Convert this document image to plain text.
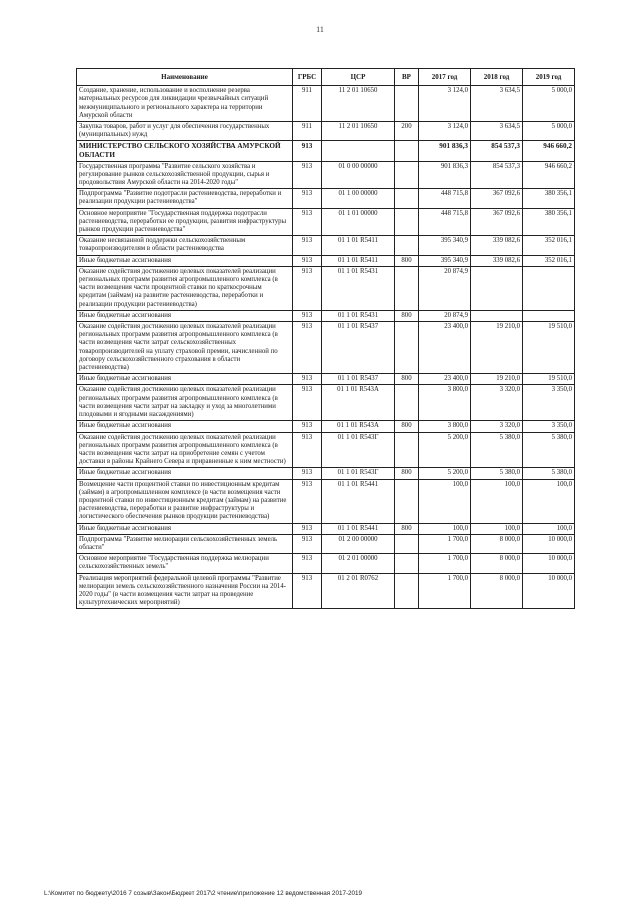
11
Наименование	ГРБС	ЦСР	ВР	2017 год	2018 год	2019 год
Создание, хранение, использование и восполнение резерва материальных ресурсов для ликвидации чрезвычайных ситуаций межмуниципального и регионального характера на территории Амурской области	911	11 2 01 10650		3 124,0	3 634,5	5 000,0
Закупка товаров, работ и услуг для обеспечения государственных (муниципальных) нужд	911	11 2 01 10650	200	3 124,0	3 634,5	5 000,0
МИНИСТЕРСТВО СЕЛЬСКОГО ХОЗЯЙСТВА АМУРСКОЙ ОБЛАСТИ	913			901 836,3	854 537,3	946 660,2
Государственная программа "Развитие сельского хозяйства и регулирование рынков сельскохозяйственной продукции, сырья и продовольствия Амурской области на 2014-2020 годы"	913	01 0 00 00000		901 836,3	854 537,3	946 660,2
Подпрограмма "Развитие подотрасли растениеводства, переработки и реализации продукции растениеводства"	913	01 1 00 00000		448 715,8	367 092,6	380 356,1
Основное мероприятие "Государственная поддержка подотрасли растениеводства, переработки ее продукции, развития инфраструктуры рынков продукции растениеводства"	913	01 1 01 00000		448 715,8	367 092,6	380 356,1
Оказание несвязанной поддержки сельскохозяйственным товаропроизводителям в области растениеводства	913	01 1 01 R5411		395 340,9	339 082,6	352 016,1
Иные бюджетные ассигнования	913	01 1 01 R5411	800	395 340,9	339 082,6	352 016,1
Оказание содействия достижению целевых показателей реализации региональных программ развития агропромышленного комплекса (в части возмещения части процентной ставки по краткосрочным кредитам (займам) на развитие растениеводства, переработки и реализации продукции растениеводства)	913	01 1 01 R5431		20 874,9		
Иные бюджетные ассигнования	913	01 1 01 R5431	800	20 874,9		
Оказание содействия достижению целевых показателей реализации региональных программ развития агропромышленного комплекса (в части возмещения части затрат сельскохозяйственных товаропроизводителей на уплату страховой премии, начисленной по договору сельскохозяйственного страхования в области растениеводства)	913	01 1 01 R5437		23 400,0	19 210,0	19 510,0
Иные бюджетные ассигнования	913	01 1 01 R5437	800	23 400,0	19 210,0	19 510,0
Оказание содействия достижению целевых показателей реализации региональных программ развития агропромышленного комплекса (в части возмещения части затрат на закладку и уход за многолетними плодовыми и ягодными насаждениями)	913	01 1 01 R543A		3 800,0	3 320,0	3 350,0
Иные бюджетные ассигнования	913	01 1 01 R543A	800	3 800,0	3 320,0	3 350,0
Оказание содействия достижению целевых показателей реализации региональных программ развития агропромышленного комплекса (в части возмещения части затрат на приобретение семян с учетом доставки в районы Крайнего Севера и приравненные к ним местности)	913	01 1 01 R543Г		5 200,0	5 380,0	5 380,0
Иные бюджетные ассигнования	913	01 1 01 R543Г	800	5 200,0	5 380,0	5 380,0
Возмещение части процентной ставки по инвестиционным кредитам (займам) в агропромышленном комплексе (в части возмещения части процентной ставки по инвестиционным кредитам (займам) на развитие растениеводства, переработки и развитие инфраструктуры и логистического обеспечения рынков продукции растениеводства)	913	01 1 01 R5441		100,0	100,0	100,0
Иные бюджетные ассигнования	913	01 1 01 R5441	800	100,0	100,0	100,0
Подпрограмма "Развитие мелиорации сельскохозяйственных земель области"	913	01 2 00 00000		1 700,0	8 000,0	10 000,0
Основное мероприятие "Государственная поддержка мелиорации сельскохозяйственных земель"	913	01 2 01 00000		1 700,0	8 000,0	10 000,0
Реализация мероприятий федеральной целевой программы "Развитие мелиорации земель сельскохозяйственного назначения России на 2014-2020 годы" (в части возмещения части затрат на проведение культуртехнических мероприятий)	913	01 2 01 R0762		1 700,0	8 000,0	10 000,0
L:\Комитет по бюджету\2016 7 созыв\Закон\Бюджет 2017\2 чтение\приложение 12 ведомственная 2017-2019
